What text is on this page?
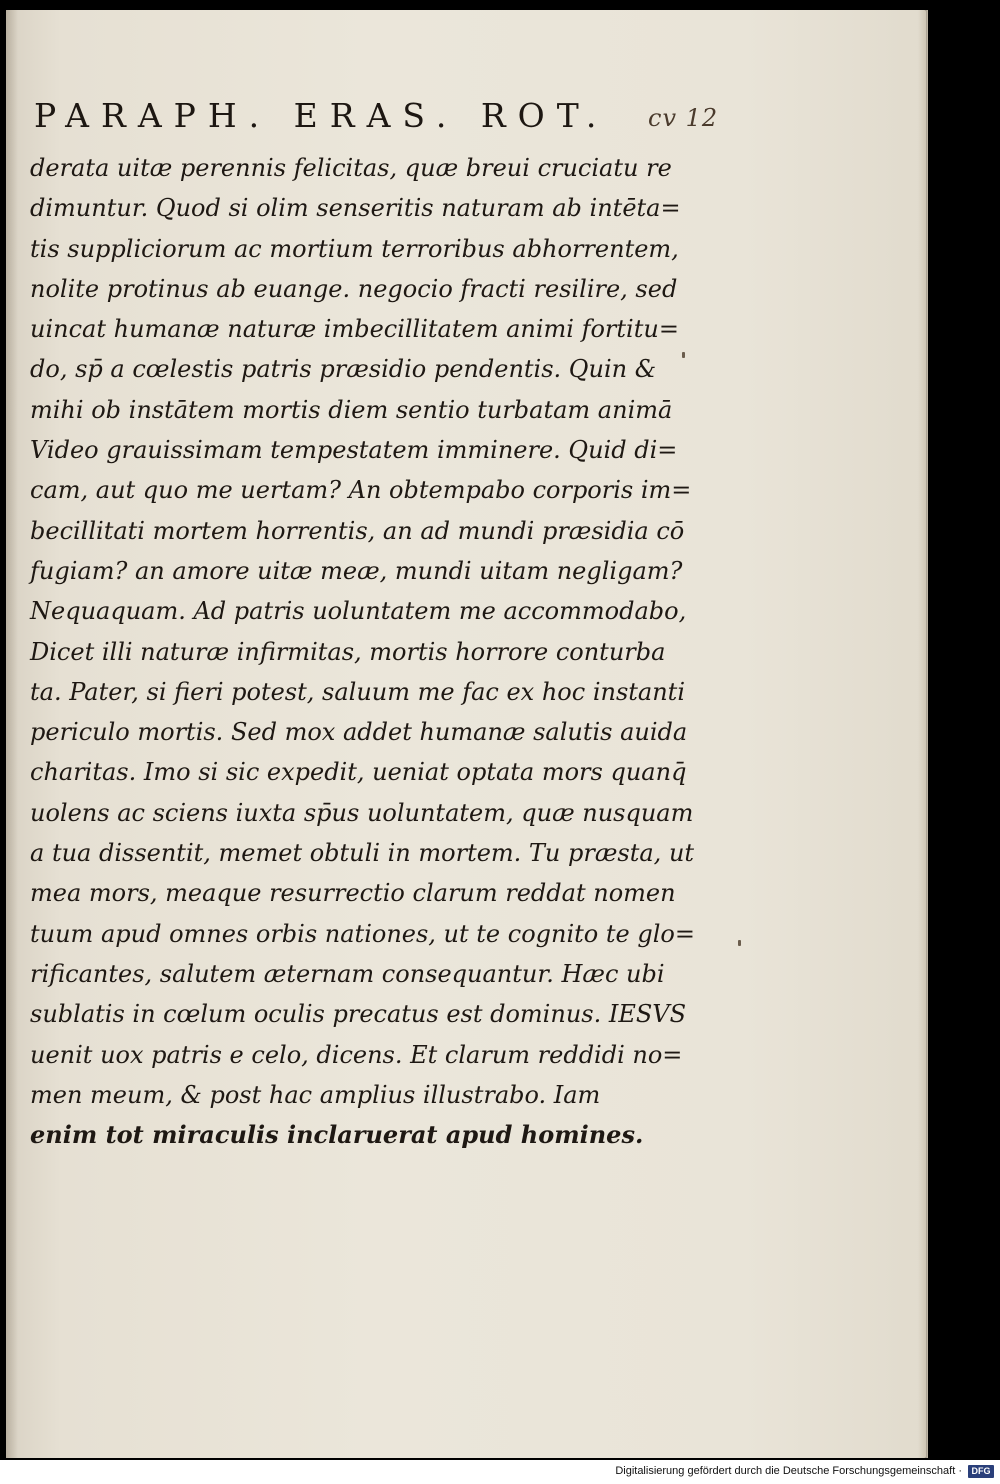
PARAPH. ERAS. ROT.	cv 12
derata uitæ perennis felicitas, quæ breui cruciatu re
dimuntur. Quod si olim senseritis naturam ab intēta=
tis suppliciorum ac mortium terroribus abhorrentem,
nolite protinus ab euange. negocio fracti resilire, sed
uincat humanæ naturæ imbecillitatem animi fortitu=
do, sp̄ a cœlestis patris præsidio pendentis. Quin &
mihi ob instātem mortis diem sentio turbatam animā
Video grauissimam tempestatem imminere. Quid di=
cam, aut quo me uertam? An obtempabo corporis im=
becillitati mortem horrentis, an ad mundi præsidia cō
fugiam? an amore uitæ meæ, mundi uitam negligam?
Nequaquam. Ad patris uoluntatem me accommodabo,
Dicet illi naturæ infirmitas, mortis horrore conturba
ta. Pater, si fieri potest, saluum me fac ex hoc instanti
periculo mortis. Sed mox addet humanæ salutis auida
charitas. Imo si sic expedit, ueniat optata mors quanq̄
uolens ac sciens iuxta sp̄us uoluntatem, quæ nusquam
a tua dissentit, memet obtuli in mortem. Tu præsta, ut
mea mors, meaque resurrectio clarum reddat nomen
tuum apud omnes orbis nationes, ut te cognito te glo=
rificantes, salutem æternam consequantur. Hæc ubi
sublatis in cœlum oculis precatus est dominus. IESVS
uenit uox patris e celo, dicens. Et clarum reddidi no=
men meum, & post hac amplius illustrabo. Iam
enim tot miraculis inclaruerat apud homines.
Digitalisierung gefördert durch die Deutsche Forschungsgemeinschaft ·	DFG
